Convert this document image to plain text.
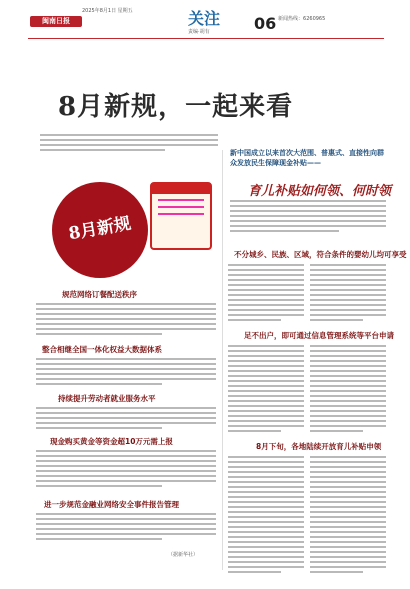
2025年8月1日 星期五
闽南日报	关注
责编·胡有	06 新闻热线：6260965
8月新规，一起来看
8月新规
规范网络订餐配送秩序
整合相继全国一体化权益大数据体系
持续提升劳动者就业服务水平
现金购买黄金等资金超10万元需上报
进一步规范金融业网络安全事件报告管理
（据新华社）
新中国成立以来首次大范围、普惠式、直接性向群众发放民生保障现金补贴——
育儿补贴如何领、何时领
不分城乡、民族、区域，符合条件的婴幼儿均可享受
足不出户，即可通过信息管理系统等平台申请
8月下旬，各地陆续开放育儿补贴申领
